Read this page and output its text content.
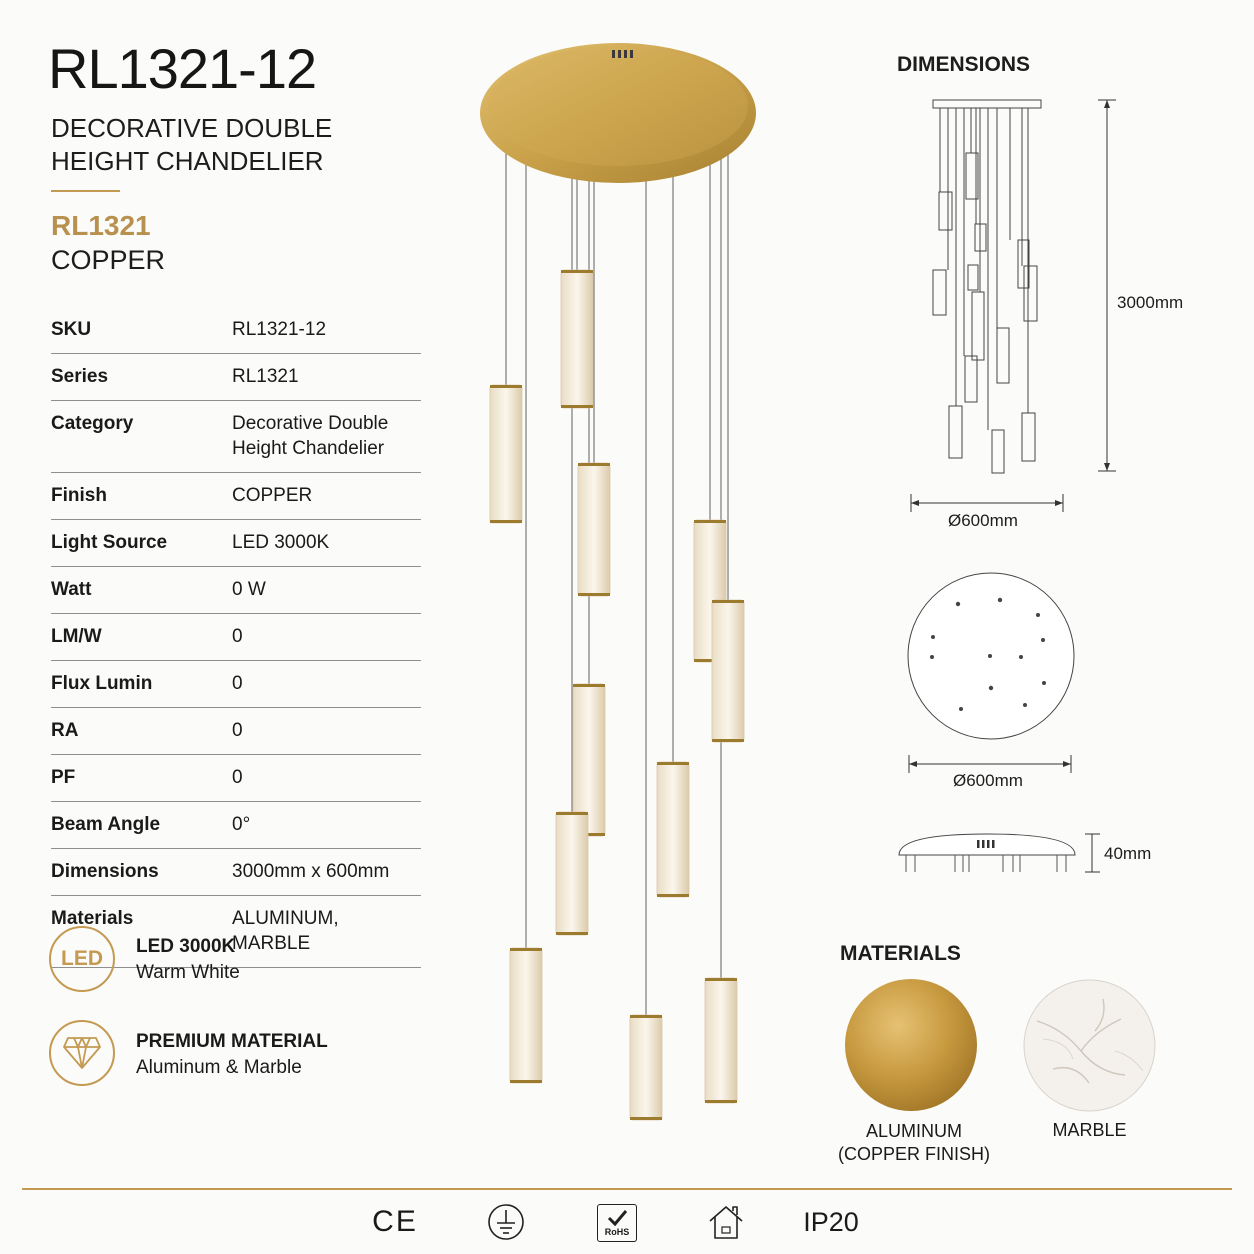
RL1321-12
DECORATIVE DOUBLE HEIGHT CHANDELIER
RL1321
COPPER
SKU	RL1321-12
Series	RL1321
Category	Decorative Double
Height Chandelier
Finish	COPPER
Light Source	LED 3000K
Watt	0 W
LM/W	0
Flux Lumin	0
RA	0
PF	0
Beam Angle	0°
Dimensions	3000mm x 600mm
Materials	ALUMINUM, MARBLE
LED
LED 3000K
Warm White
PREMIUM MATERIAL
Aluminum & Marble
DIMENSIONS
3000mm
Ø600mm
Ø600mm
40mm
MATERIALS
ALUMINUM
(COPPER FINISH)
MARBLE
CE	RoHS	IP20
